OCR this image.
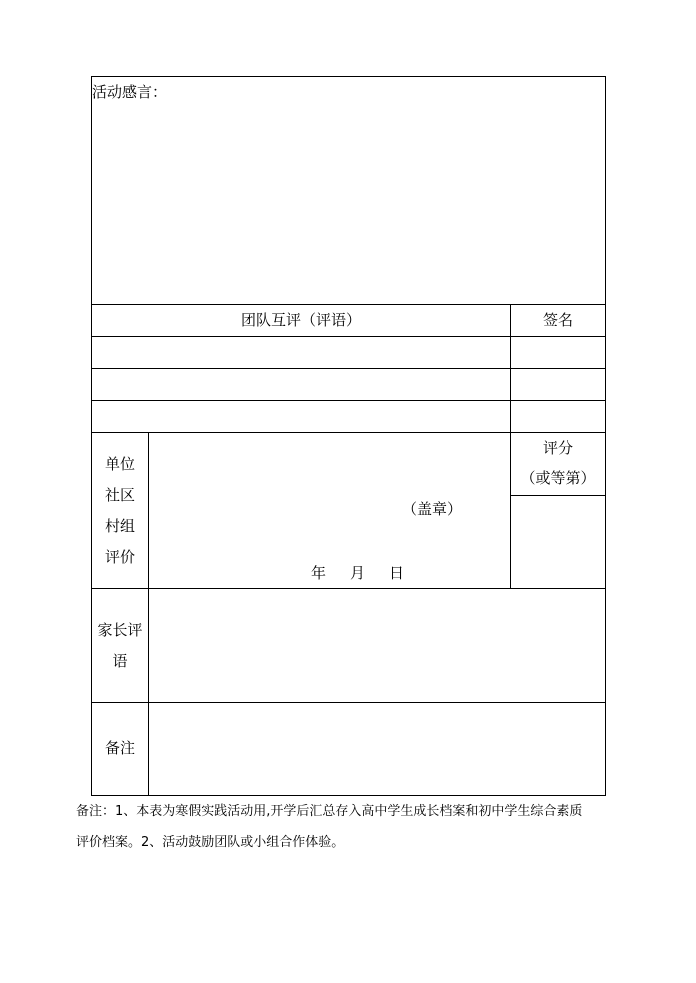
活动感言：
团队互评（评语）	签名
单位
社区
村组
评价
（盖章）
年 月 日
评分
（或等第）
家长评
语
备注
备注：1、本表为寒假实践活动用,开学后汇总存入高中学生成长档案和初中学生综合素质
评价档案。2、活动鼓励团队或小组合作体验。
